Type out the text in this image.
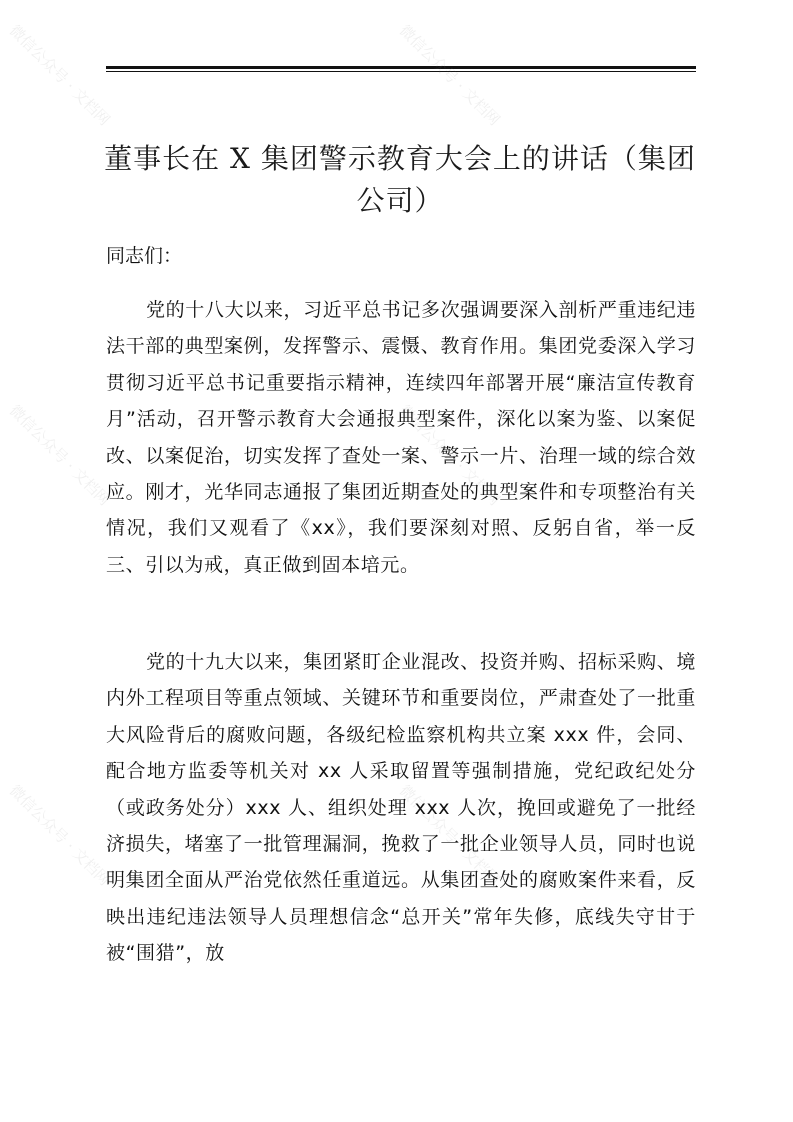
董事长在 X 集团警示教育大会上的讲话（集团公司）
同志们：
党的十八大以来，习近平总书记多次强调要深入剖析严重违纪违法干部的典型案例，发挥警示、震慑、教育作用。集团党委深入学习贯彻习近平总书记重要指示精神，连续四年部署开展“廉洁宣传教育月”活动，召开警示教育大会通报典型案件，深化以案为鉴、以案促改、以案促治，切实发挥了查处一案、警示一片、治理一域的综合效应。刚才，光华同志通报了集团近期查处的典型案件和专项整治有关情况，我们又观看了《xx》，我们要深刻对照、反躬自省，举一反三、引以为戒，真正做到固本培元。
党的十九大以来，集团紧盯企业混改、投资并购、招标采购、境内外工程项目等重点领域、关键环节和重要岗位，严肃查处了一批重大风险背后的腐败问题，各级纪检监察机构共立案 xxx 件，会同、配合地方监委等机关对 xx 人采取留置等强制措施，党纪政纪处分（或政务处分）xxx 人、组织处理 xxx 人次，挽回或避免了一批经济损失，堵塞了一批管理漏洞，挽救了一批企业领导人员，同时也说明集团全面从严治党依然任重道远。从集团查处的腐败案件来看，反映出违纪违法领导人员理想信念“总开关”常年失修，底线失守甘于被“围猎”，放
微信公众号 · 文档网	微信公众号 · 文档网
微信公众号 · 文档网	微信公众号 · 文档网
微信公众号 · 文档网	微信公众号 · 文档网
